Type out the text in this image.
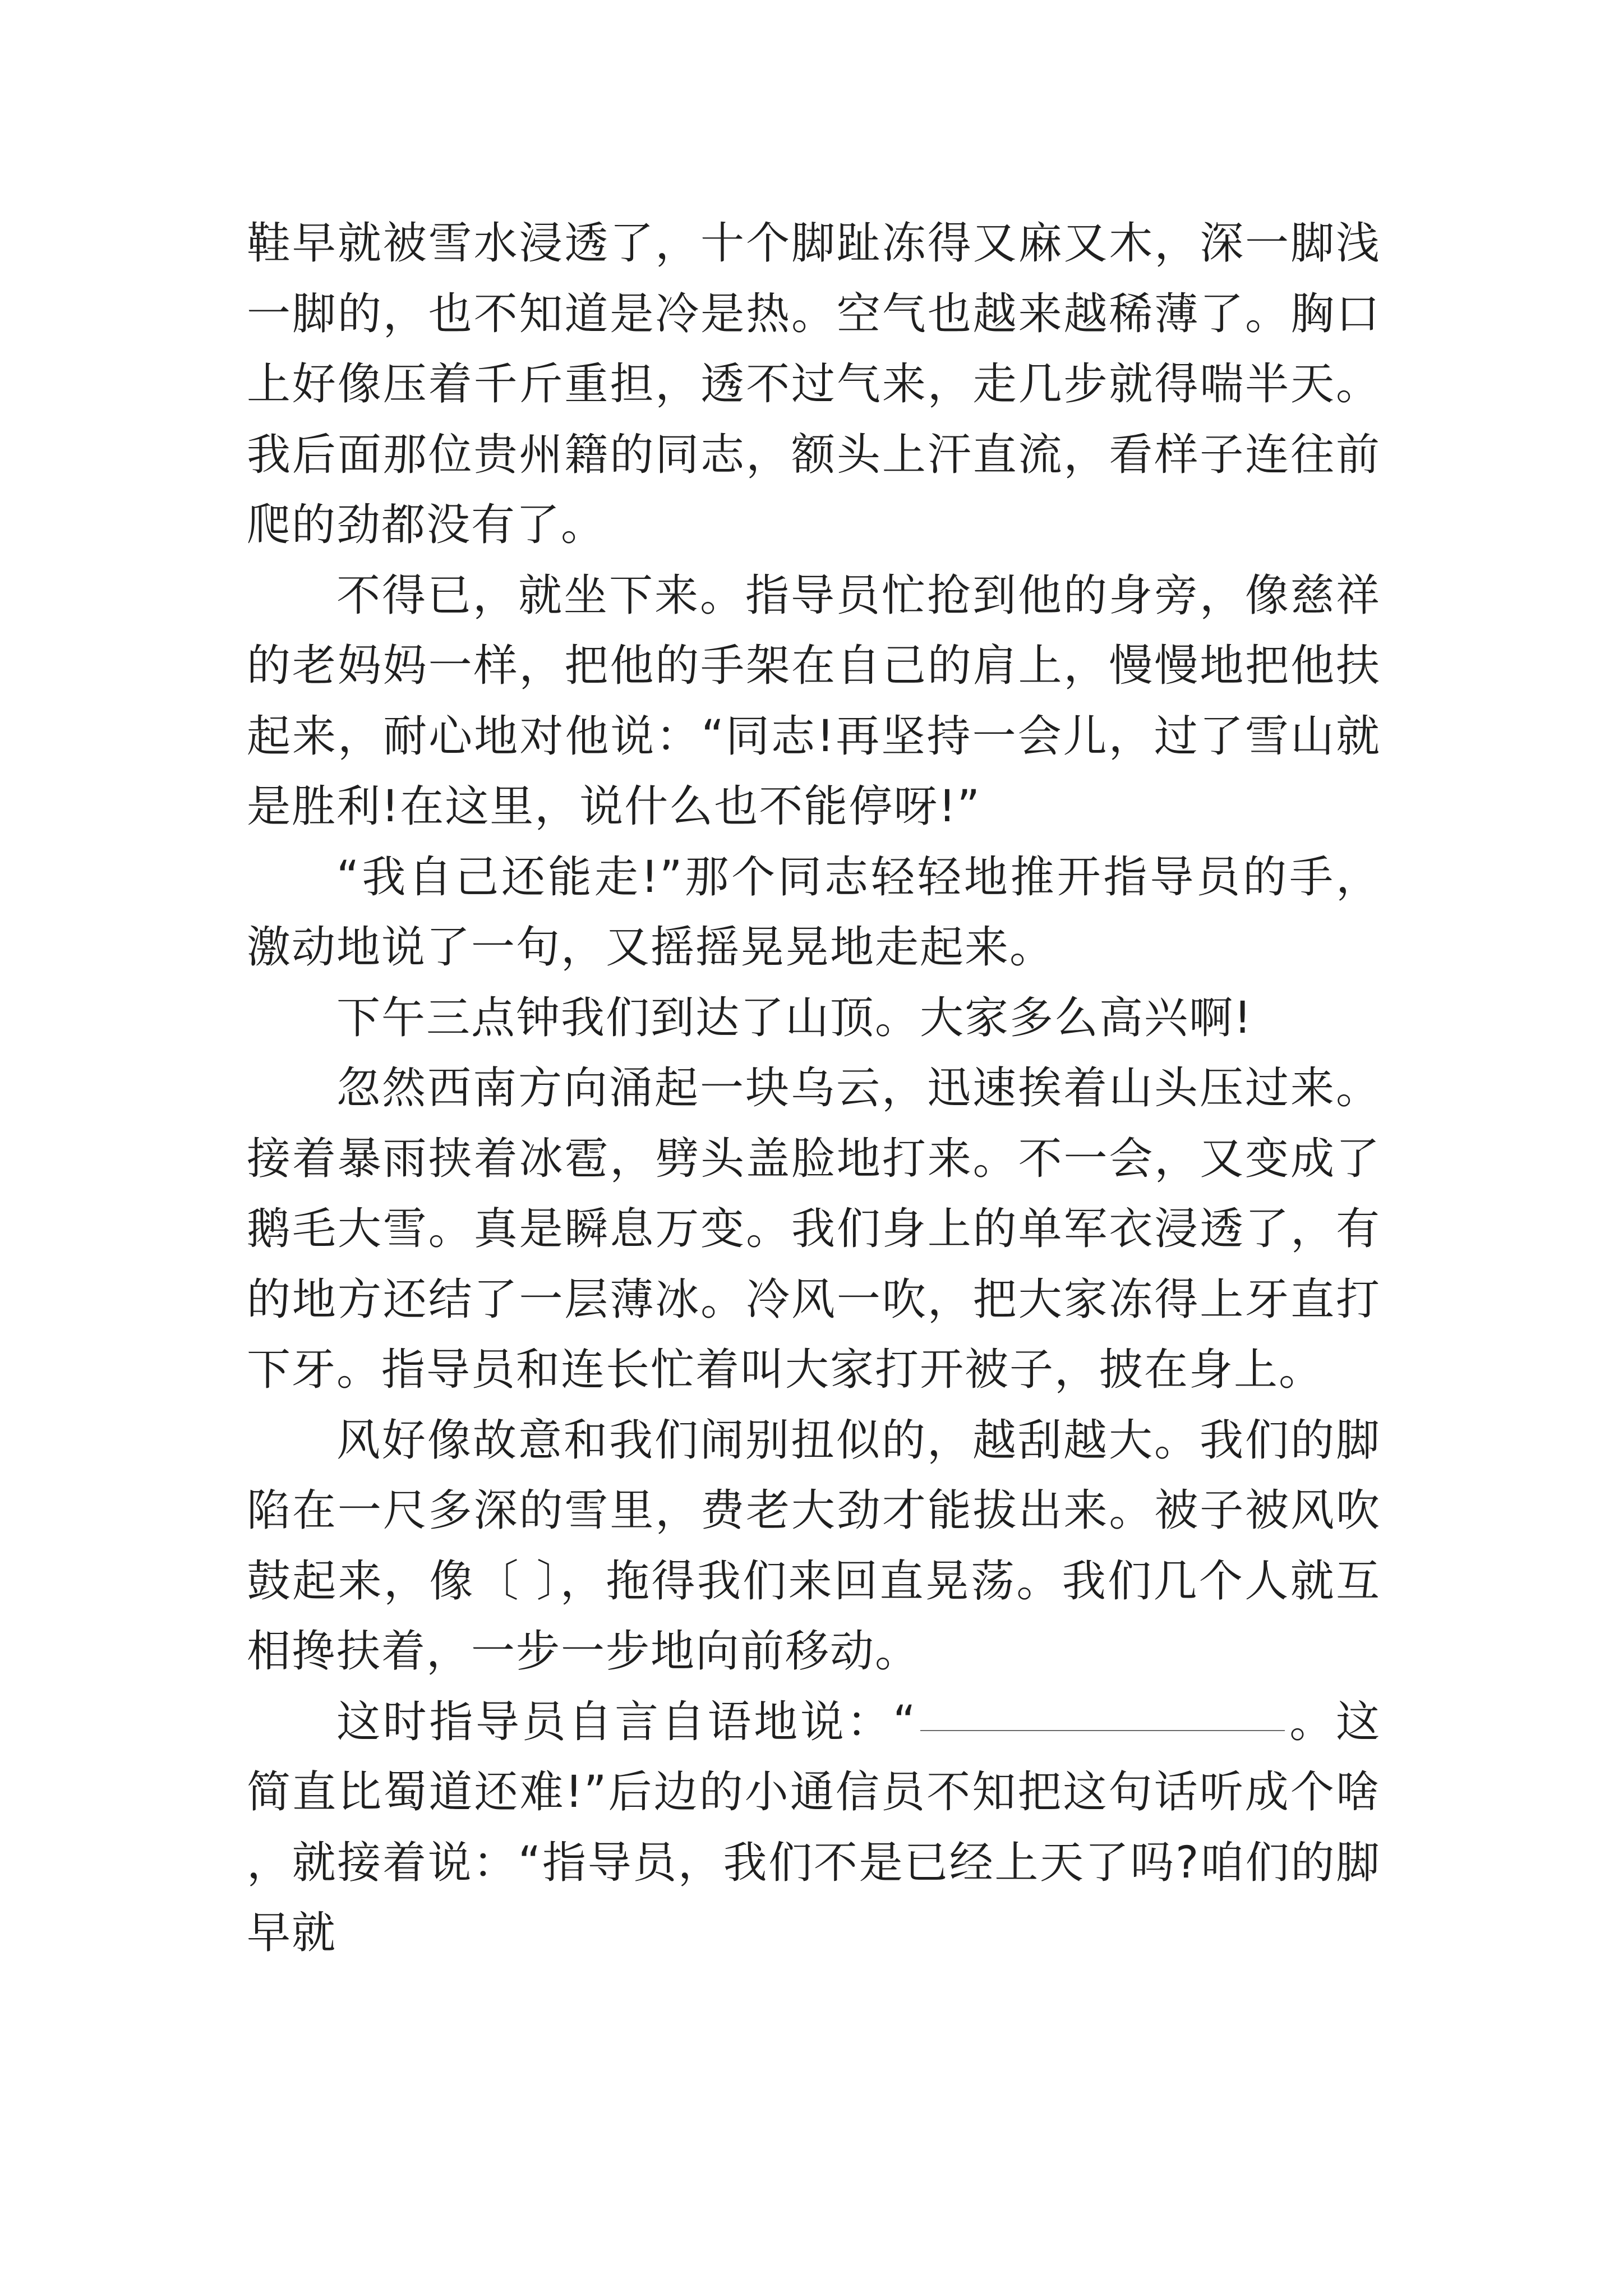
鞋早就被雪水浸透了，十个脚趾冻得又麻又木，深一脚浅一脚的，也不知道是冷是热。空气也越来越稀薄了。胸口上好像压着千斤重担，透不过气来，走几步就得喘半天。我后面那位贵州籍的同志，额头上汗直流，看样子连往前爬的劲都没有了。

不得已，就坐下来。指导员忙抢到他的身旁，像慈祥的老妈妈一样，把他的手架在自己的肩上，慢慢地把他扶起来，耐心地对他说：“同志!再坚持一会儿，过了雪山就是胜利!在这里，说什么也不能停呀!”

“我自己还能走!”那个同志轻轻地推开指导员的手，激动地说了一句，又摇摇晃晃地走起来。

下午三点钟我们到达了山顶。大家多么高兴啊!

忽然西南方向涌起一块乌云，迅速挨着山头压过来。接着暴雨挟着冰雹，劈头盖脸地打来。不一会，又变成了鹅毛大雪。真是瞬息万变。我们身上的单军衣浸透了，有的地方还结了一层薄冰。冷风一吹，把大家冻得上牙直打下牙。指导员和连长忙着叫大家打开被子，披在身上。

风好像故意和我们闹别扭似的，越刮越大。我们的脚陷在一尺多深的雪里，费老大劲才能拔出来。被子被风吹鼓起来，像〔 〕，拖得我们来回直晃荡。我们几个人就互相搀扶着，一步一步地向前移动。

这时指导员自言自语地说：“	。这简直比蜀道还难!”后边的小通信员不知把这句话听成个啥，就接着说：“指导员，我们不是已经上天了吗?咱们的脚早就
